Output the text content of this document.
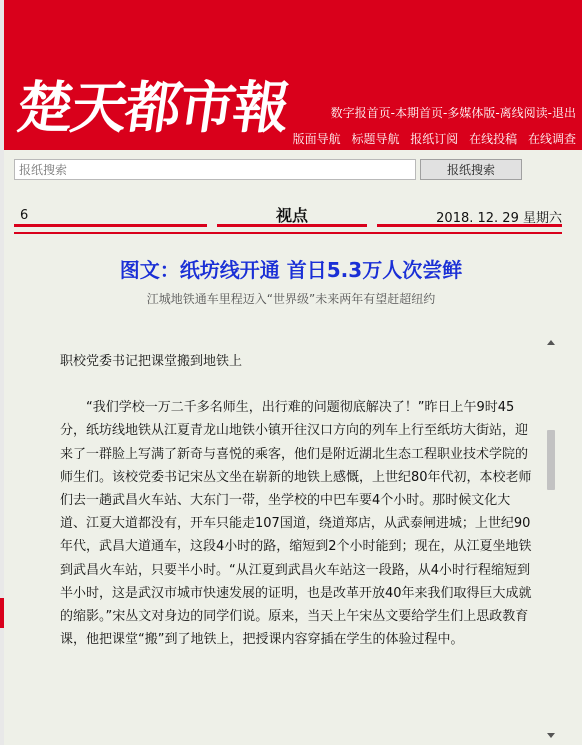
楚天都市報	数字报首页-本期首页-多媒体版-离线阅读-退出
版面导航 标题导航 报纸订阅 在线投稿 在线调查
报纸搜索
报纸搜索
6	视点	2018. 12. 29 星期六
图文：纸坊线开通 首日5.3万人次尝鲜
江城地铁通车里程迈入“世界级”未来两年有望赶超纽约

职校党委书记把课堂搬到地铁上

“我们学校一万二千多名师生，出行难的问题彻底解决了！”昨日上午9时45分，纸坊线地铁从江夏青龙山地铁小镇开往汉口方向的列车上行至纸坊大街站，迎来了一群脸上写满了新奇与喜悦的乘客，他们是附近湖北生态工程职业技术学院的师生们。该校党委书记宋丛文坐在崭新的地铁上感慨，上世纪80年代初，本校老师们去一趟武昌火车站、大东门一带，坐学校的中巴车要4个小时。那时候文化大道、江夏大道都没有，开车只能走107国道，绕道郑店，从武泰闸进城；上世纪90年代，武昌大道通车，这段4小时的路，缩短到2个小时能到；现在，从江夏坐地铁到武昌火车站，只要半小时。“从江夏到武昌火车站这一段路，从4小时行程缩短到半小时，这是武汉市城市快速发展的证明，也是改革开放40年来我们取得巨大成就的缩影。”宋丛文对身边的同学们说。原来，当天上午宋丛文要给学生们上思政教育课，他把课堂“搬”到了地铁上，把授课内容穿插在学生的体验过程中。
